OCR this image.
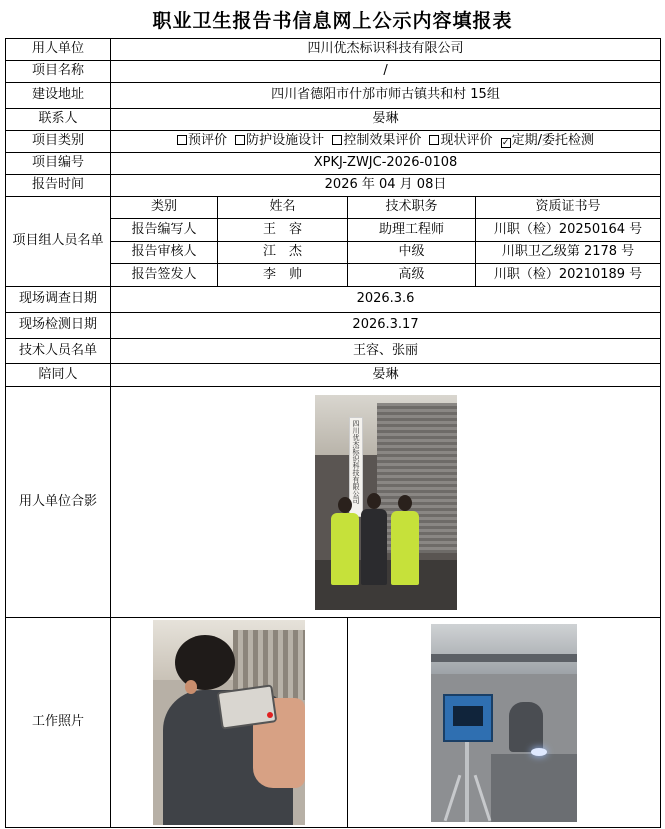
职业卫生报告书信息网上公示内容填报表
用人单位	四川优杰标识科技有限公司			
项目名称	/			
建设地址	四川省德阳市什邡市师古镇共和村 15组			
联系人	晏琳			
项目类别	预评价 防护设施设计 控制效果评价 现状评价 ✓ 定期/委托检测			
项目编号	XPKJ-ZWJC-2026-0108			
报告时间	2026 年 04 月 08日			
项目组人员名单	类别	姓名	技术职务	资质证书号
	报告编写人	王　容	助理工程师	川职（检）20250164 号
	报告审核人	江　杰	中级	川职卫乙级第 2178 号
	报告签发人	李　帅	高级	川职（检）20210189 号
现场调查日期	2026.3.6			
现场检测日期	2026.3.17			
技术人员名单	王容、张丽			
陪同人	晏琳			
用人单位合影	四川优杰标识科技有限公司			

工作照片			
